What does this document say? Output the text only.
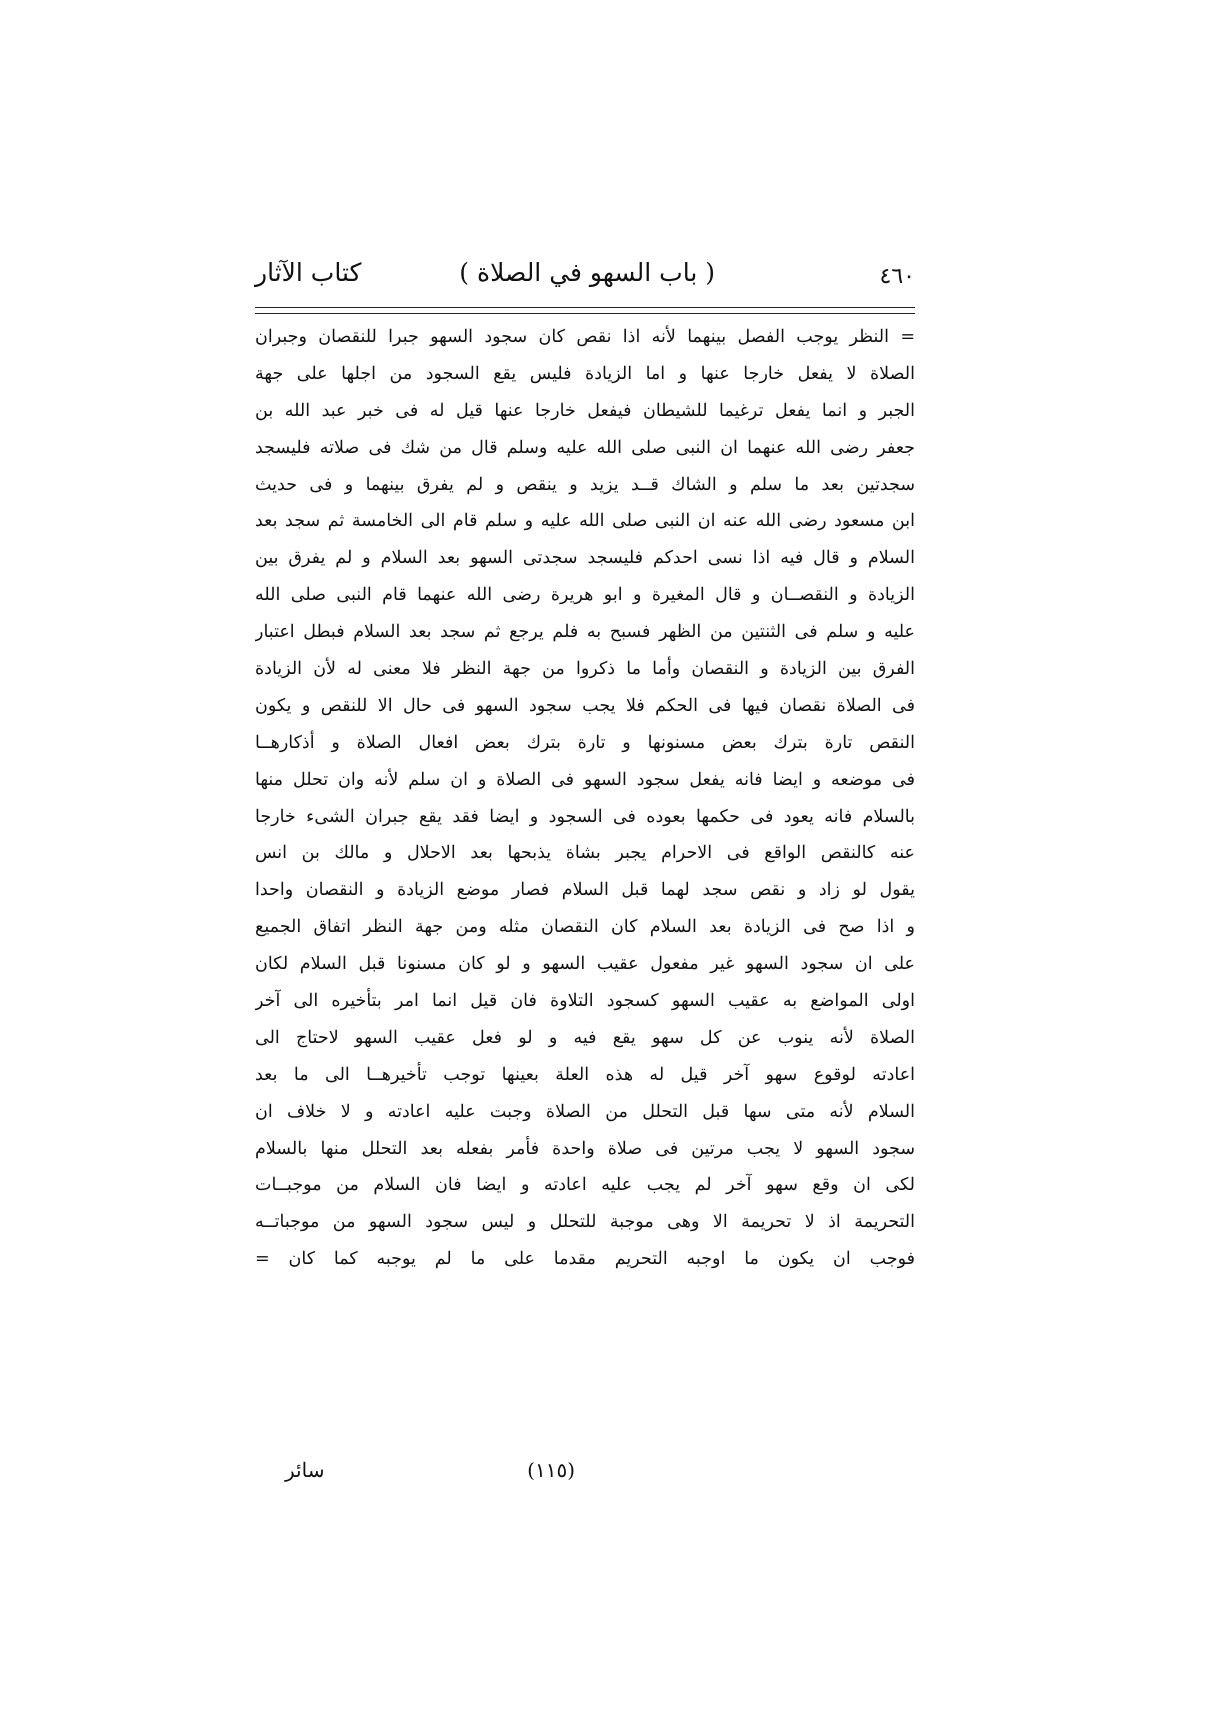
٤٦٠
( باب السهو في الصلاة )
كتاب الآثار
= النظر يوجب الفصل بينهما لأنه اذا نقص كان سجود السهو جبرا للنقصان وجبران
الصلاة لا يفعل خارجا عنها و اما الزيادة فليس يقع السجود من اجلها على جهة
الجبر و انما يفعل ترغيما للشيطان فيفعل خارجا عنها قيل له فى خبر عبد الله بن
جعفر رضى الله عنهما ان النبى صلى الله عليه وسلم قال من شك فى صلاته فليسجد
سجدتين بعد ما سلم و الشاك قــد يزيد و ينقص و لم يفرق بينهما و فى حديث
ابن مسعود رضى الله عنه ان النبى صلى الله عليه و سلم قام الى الخامسة ثم سجد بعد
السلام و قال فيه اذا نسى احدكم فليسجد سجدتى السهو بعد السلام و لم يفرق بين
الزيادة و النقصــان و قال المغيرة و ابو هريرة رضى الله عنهما قام النبى صلى الله
عليه و سلم فى الثنتين من الظهر فسبح به فلم يرجع ثم سجد بعد السلام فبطل اعتبار
الفرق بين الزيادة و النقصان وأما ما ذكروا من جهة النظر فلا معنى له لأن الزيادة
فى الصلاة نقصان فيها فى الحكم فلا يجب سجود السهو فى حال الا للنقص و يكون
النقص تارة بترك بعض مسنونها و تارة بترك بعض افعال الصلاة و أذكارهــا
فى موضعه و ايضا فانه يفعل سجود السهو فى الصلاة و ان سلم لأنه وان تحلل منها
بالسلام فانه يعود فى حكمها بعوده فى السجود و ايضا فقد يقع جبران الشىء خارجا
عنه كالنقص الواقع فى الاحرام يجبر بشاة يذبحها بعد الاحلال و مالك بن انس
يقول لو زاد و نقص سجد لهما قبل السلام فصار موضع الزيادة و النقصان واحدا
و اذا صح فى الزيادة بعد السلام كان النقصان مثله ومن جهة النظر اتفاق الجميع
على ان سجود السهو غير مفعول عقيب السهو و لو كان مسنونا قبل السلام لكان
اولى المواضع به عقيب السهو كسجود التلاوة فان قيل انما امر بتأخيره الى آخر
الصلاة لأنه ينوب عن كل سهو يقع فيه و لو فعل عقيب السهو لاحتاج الى
اعادته لوقوع سهو آخر قيل له هذه العلة بعينها توجب تأخيرهــا الى ما بعد
السلام لأنه متى سها قبل التحلل من الصلاة وجبت عليه اعادته و لا خلاف ان
سجود السهو لا يجب مرتين فى صلاة واحدة فأمر بفعله بعد التحلل منها بالسلام
لكى ان وقع سهو آخر لم يجب عليه اعادته و ايضا فان السلام من موجبــات
التحريمة اذ لا تحريمة الا وهى موجبة للتحلل و ليس سجود السهو من موجباتــه
فوجب ان يكون ما اوجبه التحريم مقدما على ما لم يوجبه كما كان =
(١١٥)
سائر
